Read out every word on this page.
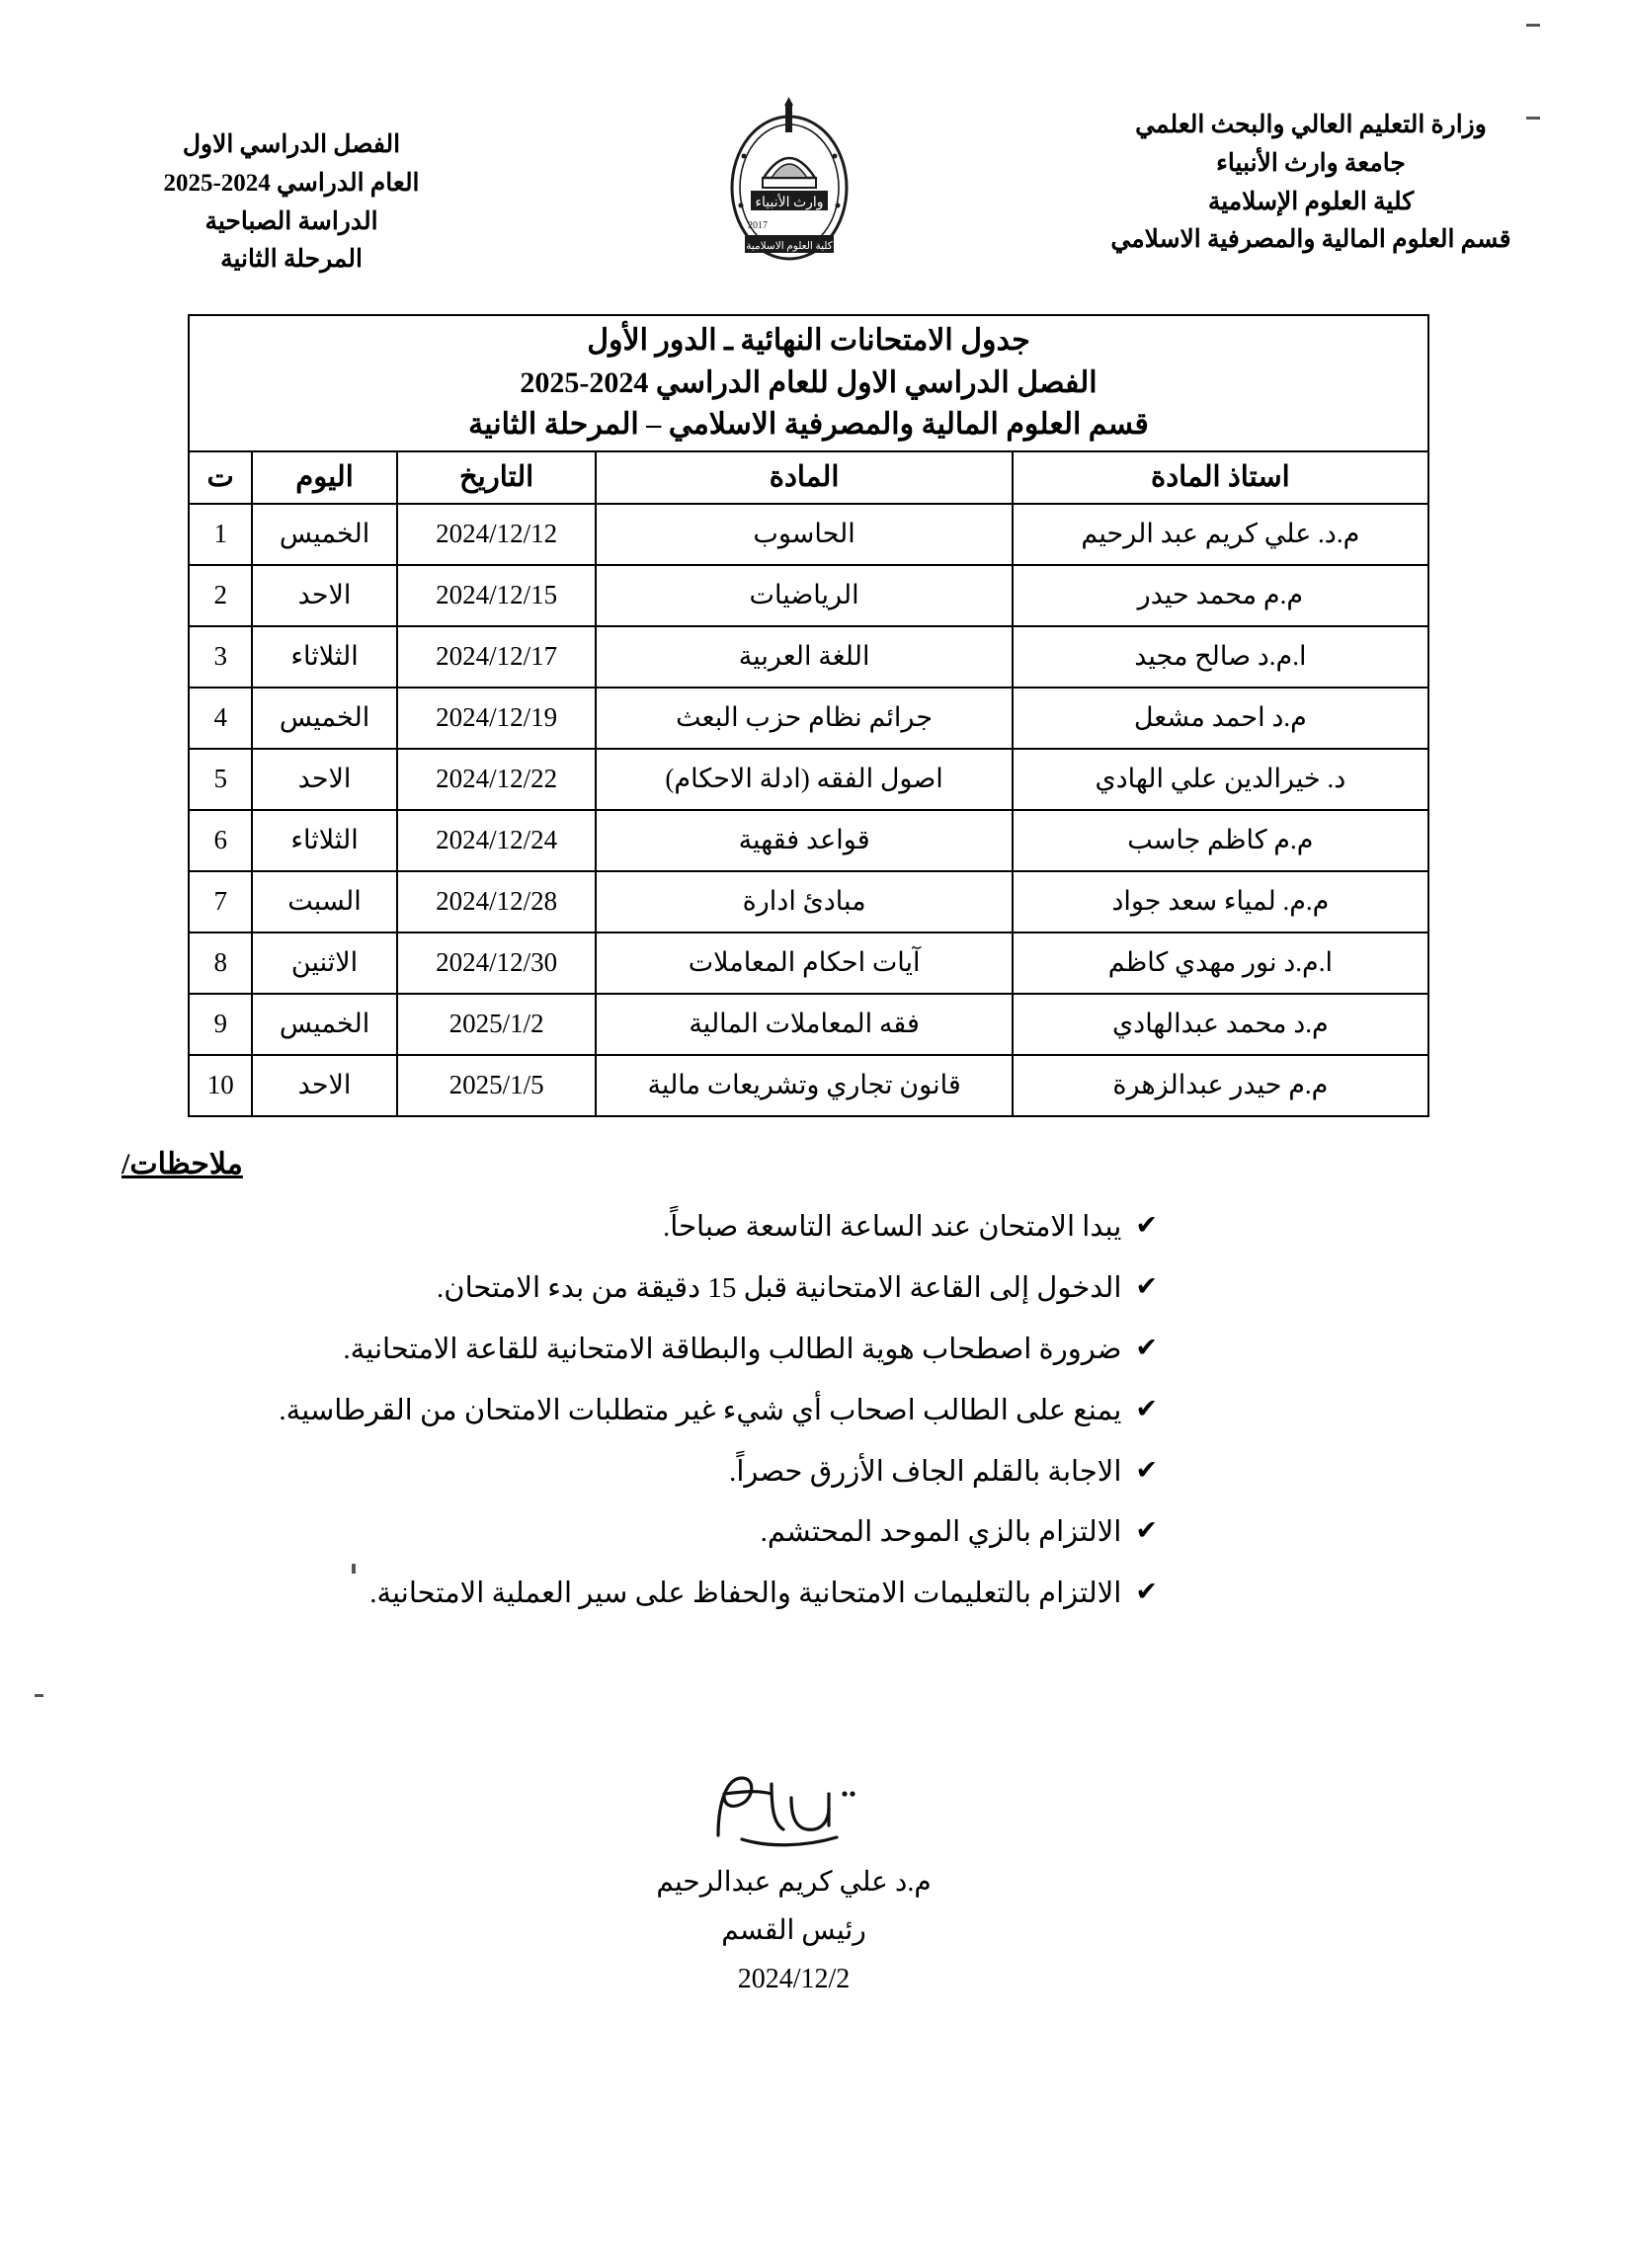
وزارة التعليم العالي والبحث العلمي
جامعة وارث الأنبياء
كلية العلوم الإسلامية
قسم العلوم المالية والمصرفية الاسلامي
وارث الأنبياء
2017
كلية العلوم الاسلامية
الفصل الدراسي الاول
العام الدراسي 2024-2025
الدراسة الصباحية
المرحلة الثانية
جدول الامتحانات النهائية ـ الدور الأول
الفصل الدراسي الاول للعام الدراسي 2024-2025
قسم العلوم المالية والمصرفية الاسلامي – المرحلة الثانية				

استاذ المادة	المادة	التاريخ	اليوم	ت
م.د. علي كريم عبد الرحيم	الحاسوب	2024/12/12	الخميس	1
م.م محمد حيدر	الرياضيات	2024/12/15	الاحد	2
ا.م.د صالح مجيد	اللغة العربية	2024/12/17	الثلاثاء	3
م.د احمد مشعل	جرائم نظام حزب البعث	2024/12/19	الخميس	4
د. خيرالدين علي الهادي	اصول الفقه (ادلة الاحكام)	2024/12/22	الاحد	5
م.م كاظم جاسب	قواعد فقهية	2024/12/24	الثلاثاء	6
م.م. لمياء سعد جواد	مبادئ ادارة	2024/12/28	السبت	7
ا.م.د نور مهدي كاظم	آيات احكام المعاملات	2024/12/30	الاثنين	8
م.د محمد عبدالهادي	فقه المعاملات المالية	2025/1/2	الخميس	9
م.م حيدر عبدالزهرة	قانون تجاري وتشريعات مالية	2025/1/5	الاحد	10
ملاحظات/
✔
يبدا الامتحان عند الساعة التاسعة صباحاً.
✔
الدخول إلى القاعة الامتحانية قبل 15 دقيقة من بدء الامتحان.
✔
ضرورة اصطحاب هوية الطالب والبطاقة الامتحانية للقاعة الامتحانية.
✔
يمنع على الطالب اصحاب أي شيء غير متطلبات الامتحان من القرطاسية.
✔
الاجابة بالقلم الجاف الأزرق حصراً.
✔
الالتزام بالزي الموحد المحتشم.
✔
الالتزام بالتعليمات الامتحانية والحفاظ على سير العملية الامتحانية.
م.د علي كريم عبدالرحيم
رئيس القسم
2024/12/2
